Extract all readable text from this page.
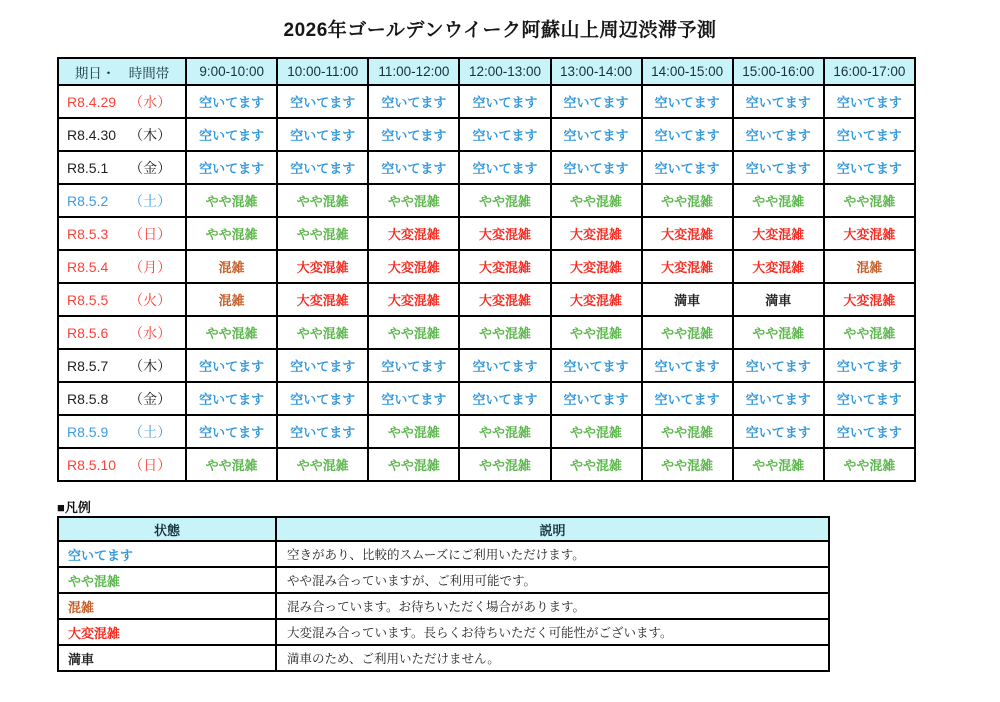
2026年ゴールデンウイーク阿蘇山上周辺渋滞予測
期日・　時間帯	9:00-10:00	10:00-11:00	11:00-12:00	12:00-13:00	13:00-14:00	14:00-15:00	15:00-16:00	16:00-17:00

R8.4.29 （水）	空いてます	空いてます	空いてます	空いてます	空いてます	空いてます	空いてます	空いてます

R8.4.30 （木）	空いてます	空いてます	空いてます	空いてます	空いてます	空いてます	空いてます	空いてます

R8.5.1 （金）	空いてます	空いてます	空いてます	空いてます	空いてます	空いてます	空いてます	空いてます

R8.5.2 （土）	やや混雑	やや混雑	やや混雑	やや混雑	やや混雑	やや混雑	やや混雑	やや混雑

R8.5.3 （日）	やや混雑	やや混雑	大変混雑	大変混雑	大変混雑	大変混雑	大変混雑	大変混雑

R8.5.4 （月）	混雑	大変混雑	大変混雑	大変混雑	大変混雑	大変混雑	大変混雑	混雑

R8.5.5 （火）	混雑	大変混雑	大変混雑	大変混雑	大変混雑	満車	満車	大変混雑

R8.5.6 （水）	やや混雑	やや混雑	やや混雑	やや混雑	やや混雑	やや混雑	やや混雑	やや混雑

R8.5.7 （木）	空いてます	空いてます	空いてます	空いてます	空いてます	空いてます	空いてます	空いてます

R8.5.8 （金）	空いてます	空いてます	空いてます	空いてます	空いてます	空いてます	空いてます	空いてます

R8.5.9 （土）	空いてます	空いてます	やや混雑	やや混雑	やや混雑	やや混雑	空いてます	空いてます

R8.5.10 （日）	やや混雑	やや混雑	やや混雑	やや混雑	やや混雑	やや混雑	やや混雑	やや混雑
■凡例
状態	説明
空いてます	空きがあり、比較的スムーズにご利用いただけます。
やや混雑	やや混み合っていますが、ご利用可能です。
混雑	混み合っています。お待ちいただく場合があります。
大変混雑	大変混み合っています。長らくお待ちいただく可能性がございます。
満車	満車のため、ご利用いただけません。
